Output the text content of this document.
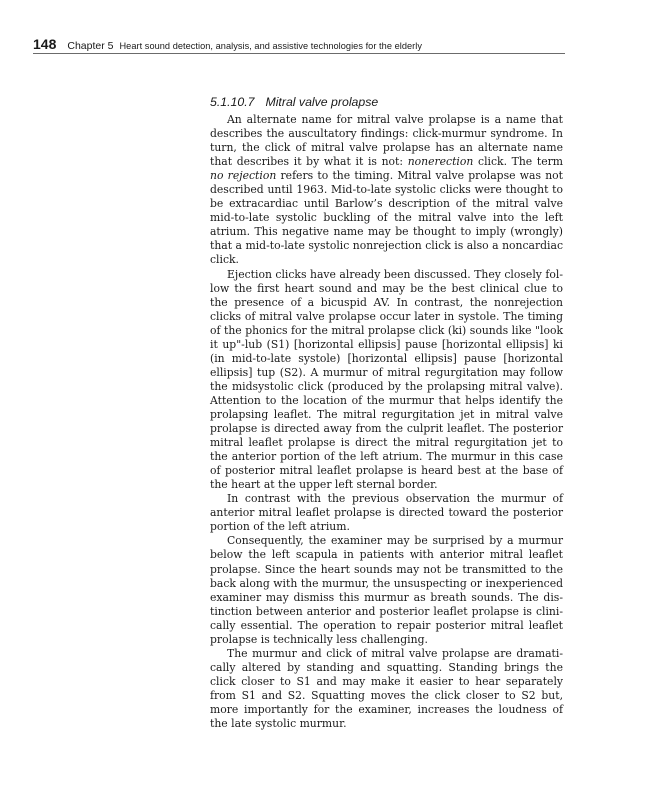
148 Chapter 5 Heart sound detection, analysis, and assistive technologies for the elderly
5.1.10.7 Mitral valve prolapse

An alternate name for mitral valve prolapse is a name that describes the auscultatory findings: click-murmur syndrome. In turn, the click of mitral valve prolapse has an alternate name that describes it by what it is not: nonerection click. The term no rejection refers to the timing. Mitral valve prolapse was not described until 1963. Mid-to-late systolic clicks were thought to be extracardiac until Barlow’s description of the mitral valve mid-to-late systolic buckling of the mitral valve into the left atrium. This negative name may be thought to imply (wrongly) that a mid-to-late systolic nonrejection click is also a noncardiac click.

Ejection clicks have already been discussed. They closely follow the first heart sound and may be the best clinical clue to the presence of a bicuspid AV. In contrast, the nonrejection clicks of mitral valve prolapse occur later in systole. The timing of the phonics for the mitral prolapse click (ki) sounds like "look it up"-lub (S1) [horizontal ellipsis] pause [horizontal ellipsis] ki (in mid-to-late systole) [horizontal ellipsis] pause [horizontal ellipsis] tup (S2). A murmur of mitral regurgitation may follow the midsystolic click (produced by the prolapsing mitral valve). Attention to the location of the murmur that helps identify the prolapsing leaflet. The mitral regurgitation jet in mitral valve prolapse is directed away from the culprit leaflet. The posterior mitral leaflet prolapse is direct the mitral regurgitation jet to the anterior portion of the left atrium. The murmur in this case of posterior mitral leaflet prolapse is heard best at the base of the heart at the upper left sternal border.

In contrast with the previous observation the murmur of anterior mitral leaflet prolapse is directed toward the posterior portion of the left atrium.

Consequently, the examiner may be surprised by a murmur below the left scapula in patients with anterior mitral leaflet prolapse. Since the heart sounds may not be transmitted to the back along with the murmur, the unsuspecting or inexperienced examiner may dismiss this murmur as breath sounds. The distinction between anterior and posterior leaflet prolapse is clinically essential. The operation to repair posterior mitral leaflet prolapse is technically less challenging.

The murmur and click of mitral valve prolapse are dramatically altered by standing and squatting. Standing brings the click closer to S1 and may make it easier to hear separately from S1 and S2. Squatting moves the click closer to S2 but, more importantly for the examiner, increases the loudness of the late systolic murmur.
